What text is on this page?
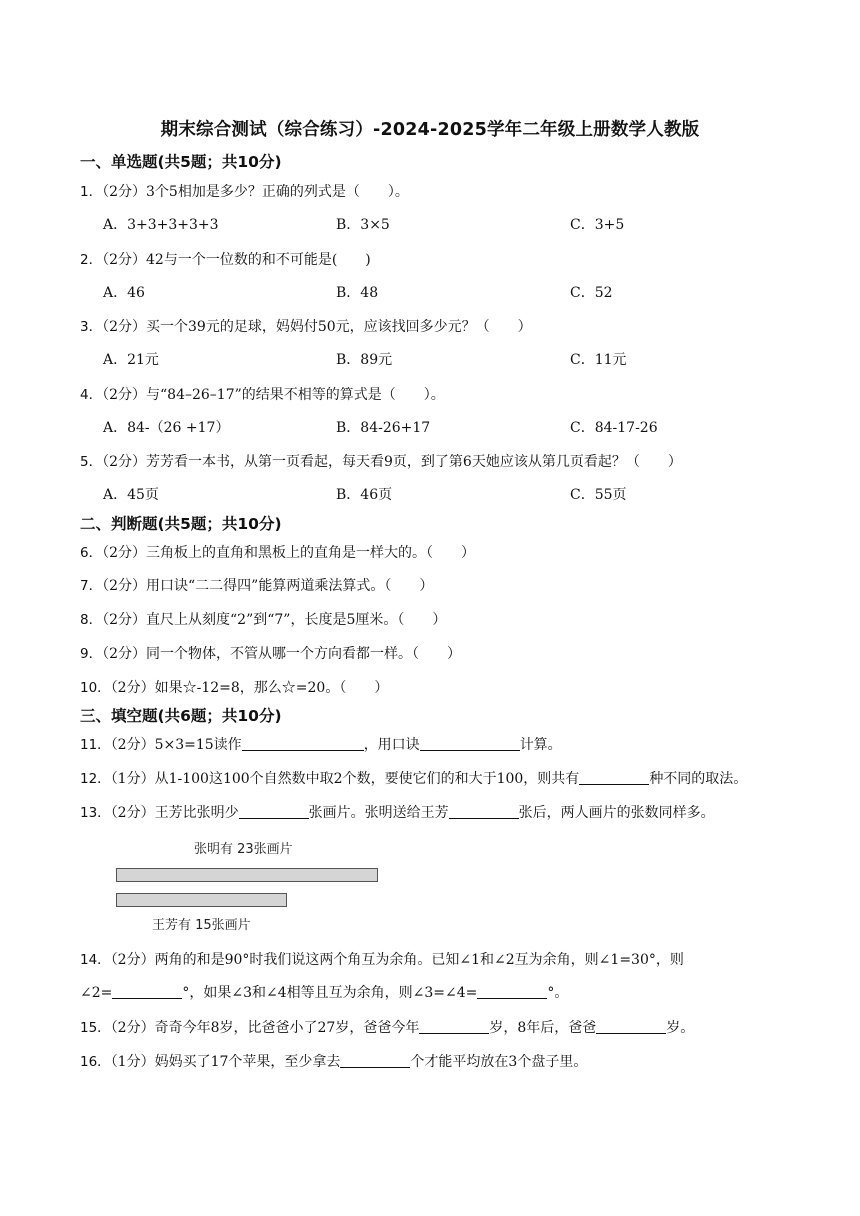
期末综合测试（综合练习）-2024-2025学年二年级上册数学人教版
一、单选题(共5题；共10分)
1．（2分）3个5相加是多少？正确的列式是（　　）。
A．3+3+3+3+3	B．3×5	C．3+5
2．（2分）42与一个一位数的和不可能是(　　)
A．46	B．48	C．52
3．（2分）买一个39元的足球，妈妈付50元，应该找回多少元？（　　）
A．21元	B．89元	C．11元
4．（2分）与“84–26–17”的结果不相等的算式是（　　）。
A．84-（26 +17）	B．84-26+17	C．84-17-26
5．（2分）芳芳看一本书，从第一页看起，每天看9页，到了第6天她应该从第几页看起？（　　）
A．45页	B．46页	C．55页
二、判断题(共5题；共10分)
6．（2分）三角板上的直角和黑板上的直角是一样大的。（　　）
7．（2分）用口诀“二二得四”能算两道乘法算式。（　　）
8．（2分）直尺上从刻度“2”到“7”，长度是5厘米。（　　）
9．（2分）同一个物体，不管从哪一个方向看都一样。（　　）
10．（2分）如果☆-12=8，那么☆=20。（　　）
三、填空题(共6题；共10分)
11．（2分）5×3=15读作	，用口诀	计算。
12．（1分）从1-100这100个自然数中取2个数，要使它们的和大于100，则共有	种不同的取法。
13．（2分）王芳比张明少	张画片。张明送给王芳	张后，两人画片的张数同样多。
张明有 23张画片
王芳有 15张画片
14．（2分）两角的和是90°时我们说这两个角互为余角。已知∠1和∠2互为余角，则∠1=30°，则
∠2=	°，如果∠3和∠4相等且互为余角，则∠3=∠4=	°。
15．（2分）奇奇今年8岁，比爸爸小了27岁，爸爸今年	岁，8年后，爸爸	岁。
16．（1分）妈妈买了17个苹果，至少拿去	个才能平均放在3个盘子里。
